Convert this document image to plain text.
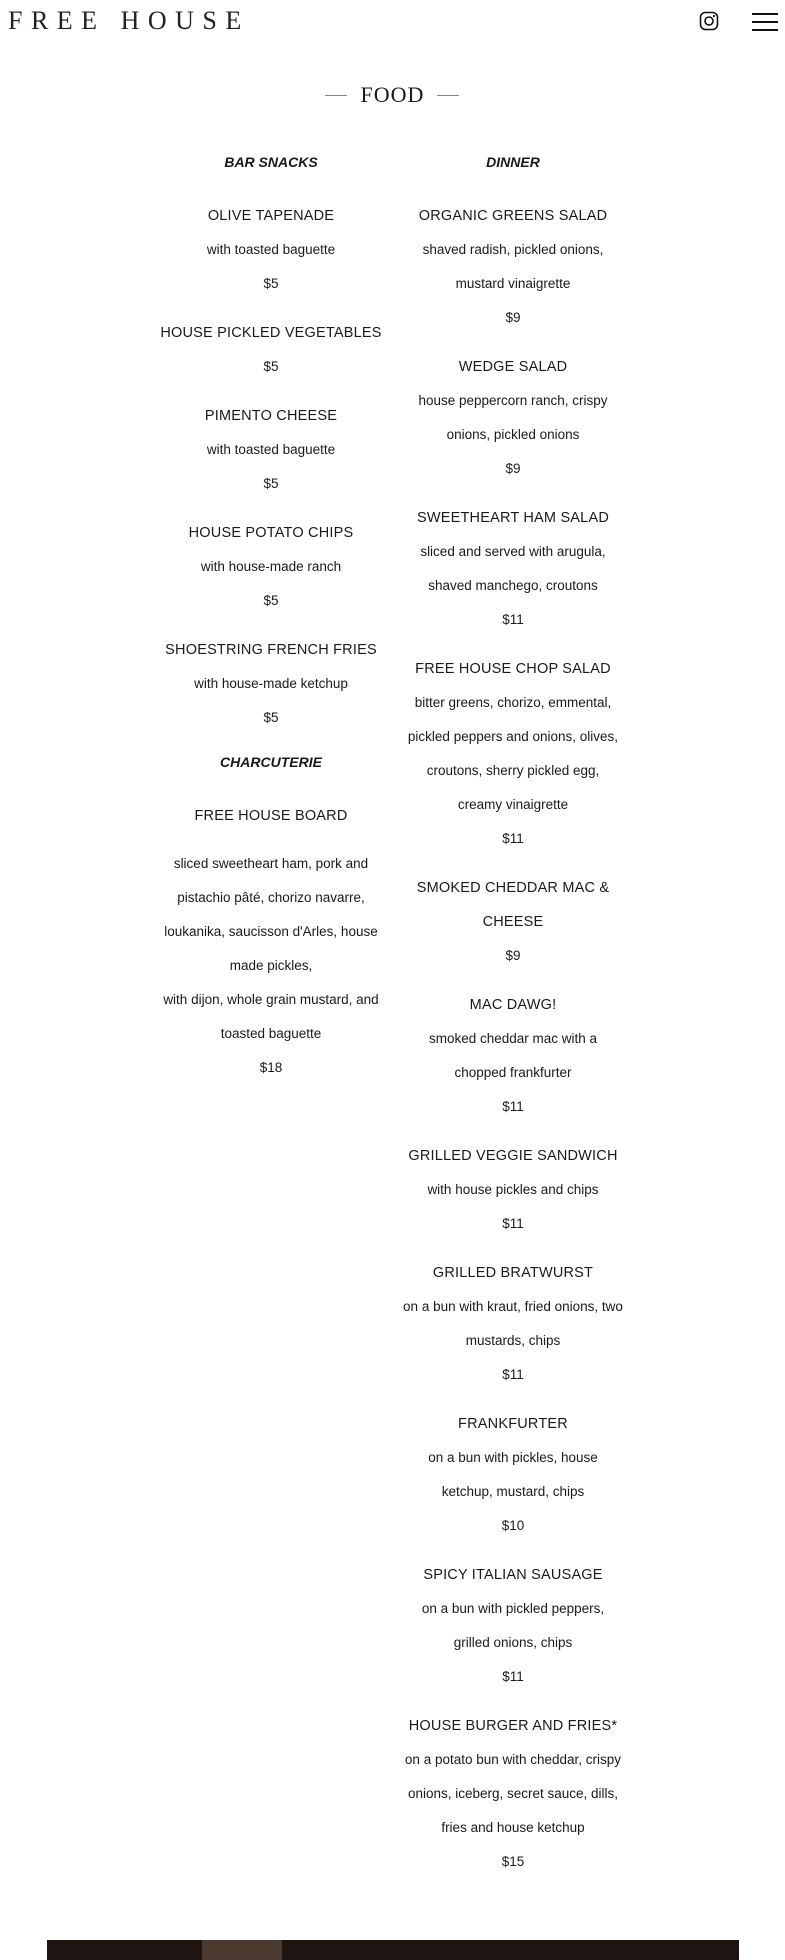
FREE HOUSE
FOOD
BAR SNACKS
OLIVE TAPENADE
with toasted baguette
$5
HOUSE PICKLED VEGETABLES
$5
PIMENTO CHEESE
with toasted baguette
$5
HOUSE POTATO CHIPS
with house-made ranch
$5
SHOESTRING FRENCH FRIES
with house-made ketchup
$5
CHARCUTERIE
FREE HOUSE BOARD
sliced sweetheart ham, pork and pistachio pâté, chorizo navarre, loukanika, saucisson d'Arles, house made pickles,
with dijon, whole grain mustard, and toasted baguette
$18
DINNER
ORGANIC GREENS SALAD
shaved radish, pickled onions, mustard vinaigrette
$9
WEDGE SALAD
house peppercorn ranch, crispy onions, pickled onions
$9
SWEETHEART HAM SALAD
sliced and served with arugula, shaved manchego, croutons
$11
FREE HOUSE CHOP SALAD
bitter greens, chorizo, emmental, pickled peppers and onions, olives, croutons, sherry pickled egg, creamy vinaigrette
$11
SMOKED CHEDDAR MAC & CHEESE
$9
MAC DAWG!
smoked cheddar mac with a chopped frankfurter
$11
GRILLED VEGGIE SANDWICH
with house pickles and chips
$11
GRILLED BRATWURST
on a bun with kraut, fried onions, two mustards, chips
$11
FRANKFURTER
on a bun with pickles, house ketchup, mustard, chips
$10
SPICY ITALIAN SAUSAGE
on a bun with pickled peppers, grilled onions, chips
$11
HOUSE BURGER AND FRIES*
on a potato bun with cheddar, crispy onions, iceberg, secret sauce, dills, fries and house ketchup
$15
